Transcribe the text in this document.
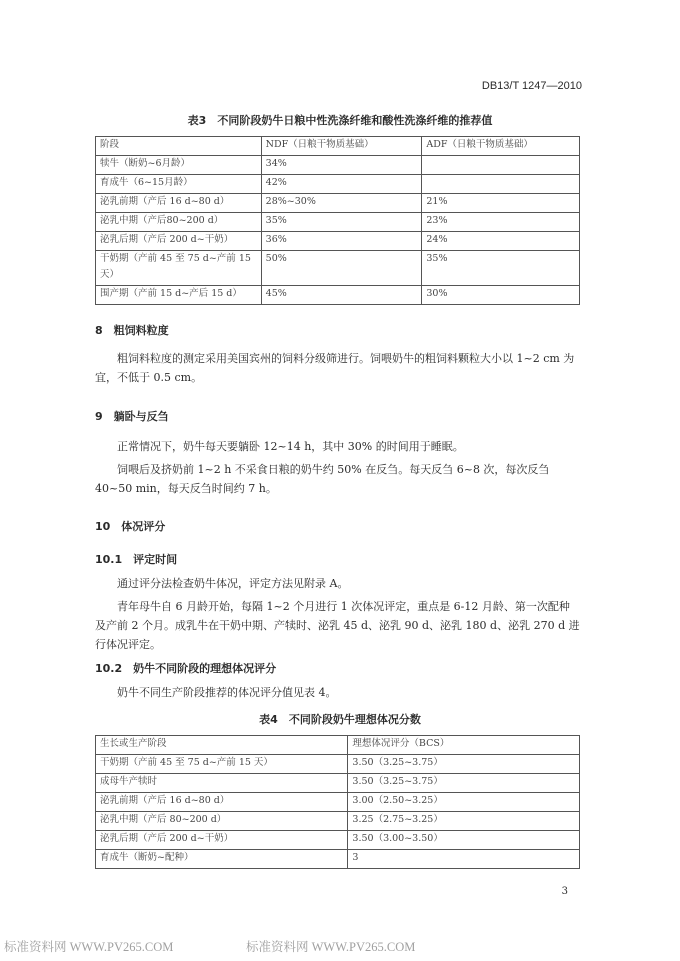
DB13/T 1247—2010
表3　不同阶段奶牛日粮中性洗涤纤维和酸性洗涤纤维的推荐值
阶段	NDF（日粮干物质基础）	ADF（日粮干物质基础）
犊牛（断奶~6月龄）	34%	
育成牛（6~15月龄）	42%	
泌乳前期（产后 16 d~80 d）	28%~30%	21%
泌乳中期（产后80~200 d）	35%	23%
泌乳后期（产后 200 d~干奶）	36%	24%
干奶期（产前 45 至 75 d~产前 15 天）	50%	35%
围产期（产前 15 d~产后 15 d）	45%	30%
8　粗饲料粒度
粗饲料粒度的测定采用美国宾州的饲料分级筛进行。饲喂奶牛的粗饲料颗粒大小以 1~2 cm 为宜，不低于 0.5 cm。
9　躺卧与反刍
正常情况下，奶牛每天要躺卧 12~14 h，其中 30% 的时间用于睡眠。
饲喂后及挤奶前 1~2 h 不采食日粮的奶牛约 50% 在反刍。每天反刍 6~8 次，每次反刍 40~50 min，每天反刍时间约 7 h。
10　体况评分
10.1　评定时间
通过评分法检查奶牛体况，评定方法见附录 A。
青年母牛自 6 月龄开始，每隔 1~2 个月进行 1 次体况评定，重点是 6-12 月龄、第一次配种及产前 2 个月。成乳牛在干奶中期、产犊时、泌乳 45 d、泌乳 90 d、泌乳 180 d、泌乳 270 d 进行体况评定。
10.2　奶牛不同阶段的理想体况评分
奶牛不同生产阶段推荐的体况评分值见表 4。
表4　不同阶段奶牛理想体况分数
生长或生产阶段	理想体况评分（BCS）
干奶期（产前 45 至 75 d~产前 15 天）	3.50（3.25~3.75）
成母牛产犊时	3.50（3.25~3.75）
泌乳前期（产后 16 d~80 d）	3.00（2.50~3.25）
泌乳中期（产后 80~200 d）	3.25（2.75~3.25）
泌乳后期（产后 200 d~干奶）	3.50（3.00~3.50）
育成牛（断奶~配种）	3
3
标准资料网 WWW.PV265.COM	标准资料网 WWW.PV265.COM
